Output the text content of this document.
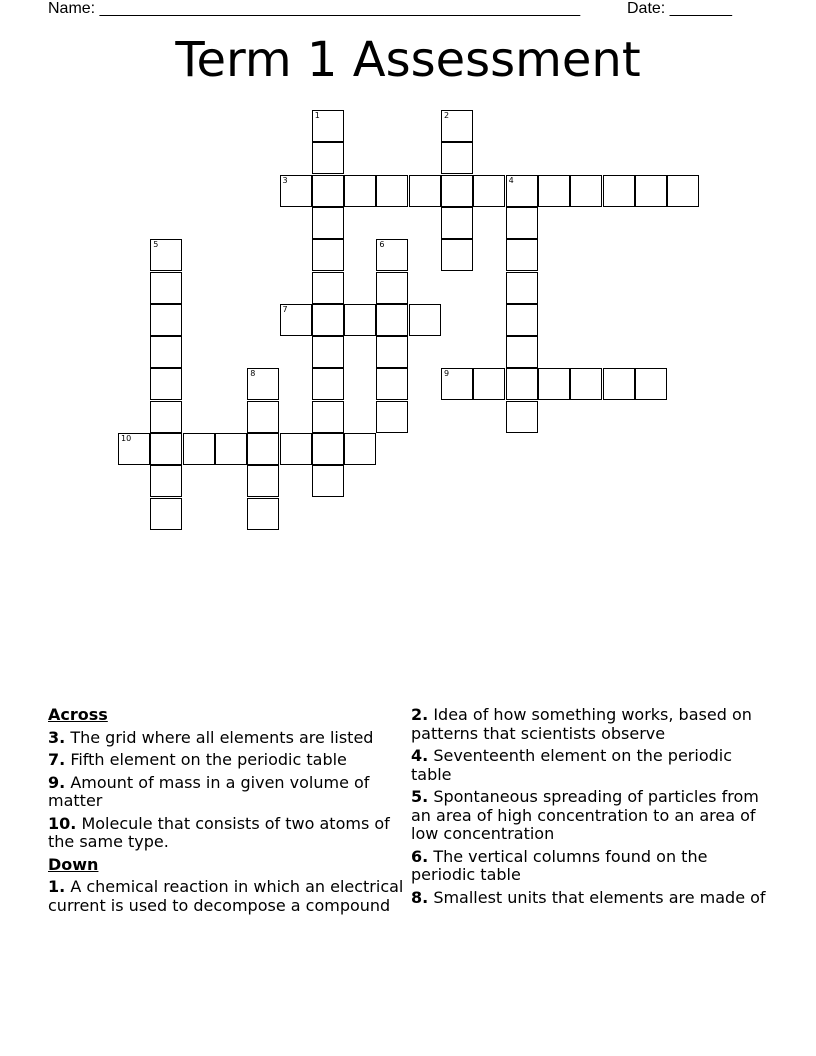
Name: ______________________________________________________	Date: _______
Term 1 Assessment
1	2
3	4
5	6
7
8	9
10
Across
3. The grid where all elements are listed
7. Fifth element on the periodic table
9. Amount of mass in a given volume of matter
10. Molecule that consists of two atoms of the same type.
Down
1. A chemical reaction in which an electrical current is used to decompose a compound
2. Idea of how something works, based on patterns that scientists observe
4. Seventeenth element on the periodic table
5. Spontaneous spreading of particles from an area of high concentration to an area of low concentration
6. The vertical columns found on the periodic table
8. Smallest units that elements are made of
